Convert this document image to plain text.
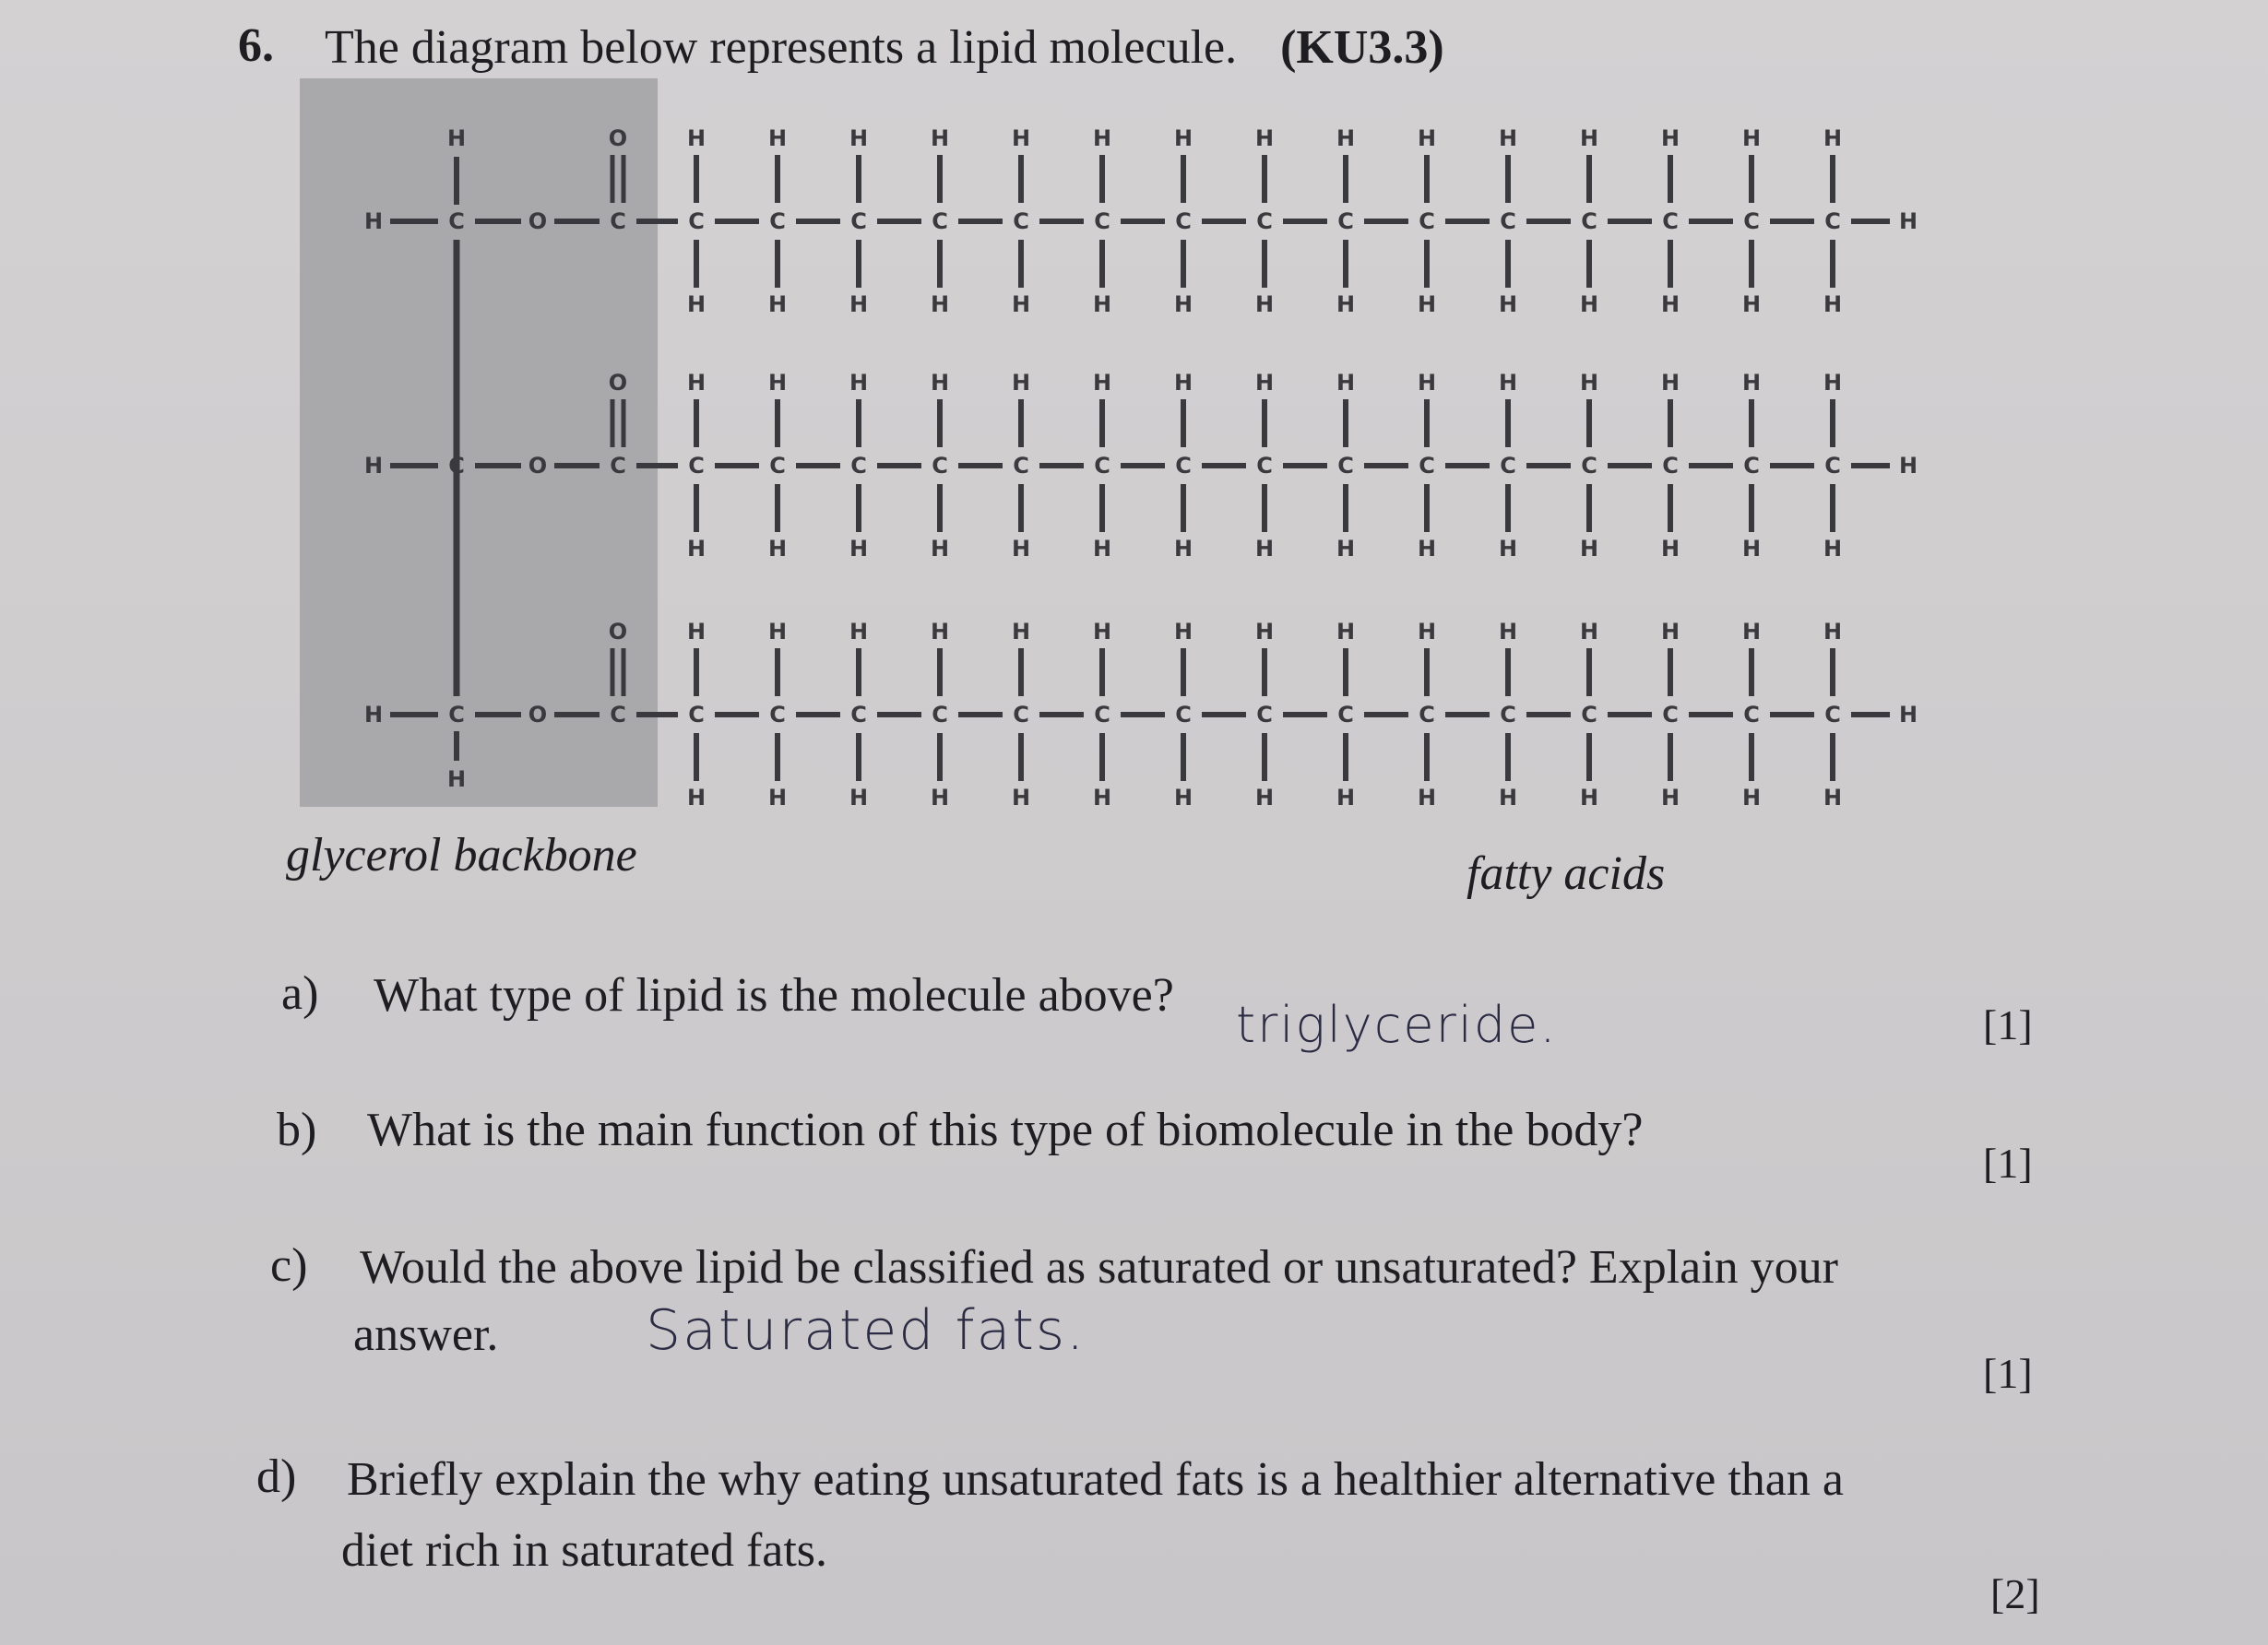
6. The diagram below represents a lipid molecule. (KU3.3)
H
H
H	C	O	C
O
C
H
H
C
H
H
C
H
H
C
H
H
C
H
H
C
H
H
C
H
H
C
H
H
C
H
H
C
H
H
C
H
H
C
H
H
C
H
H
C
H
H
C
H
H
H
H	C	O	C
O
C
H
H
C
H
H
C
H
H
C
H
H
C
H
H
C
H
H
C
H
H
C
H
H
C
H
H
C
H
H
C
H
H
C
H
H
C
H
H
C
H
H
C
H
H
H
H	C	O	C
O
C
H
H
C
H
H
C
H
H
C
H
H
C
H
H
C
H
H
C
H
H
C
H
H
C
H
H
C
H
H
C
H
H
C
H
H
C
H
H
C
H
H
C
H
H
H
glycerol backbone	fatty acids
a) What type of lipid is the molecule above?
triglyceride.	[1]
b) What is the main function of this type of biomolecule in the body?
[1]
c) Would the above lipid be classified as saturated or unsaturated? Explain your
answer.	Saturated fats.
[1]
d) Briefly explain the why eating unsaturated fats is a healthier alternative than a
diet rich in saturated fats.
[2]
